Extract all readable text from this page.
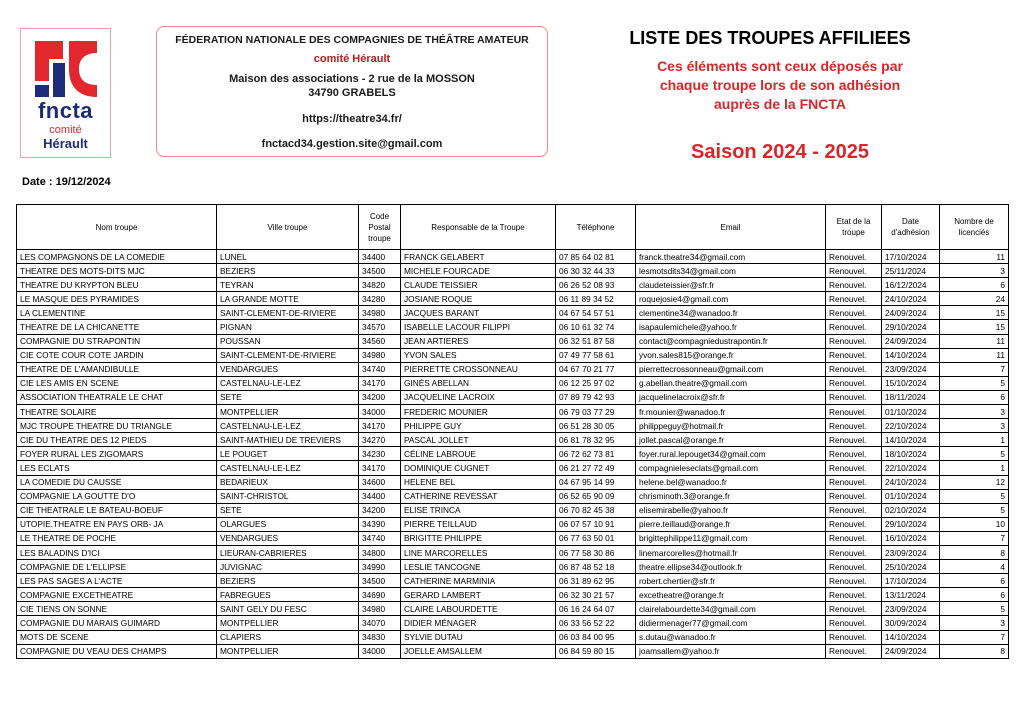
fncta
comité
Hérault
FÉDERATION NATIONALE DES COMPAGNIES DE THÉÂTRE AMATEUR
comité Hérault
Maison des associations - 2 rue de la MOSSON
34790 GRABELS
https://theatre34.fr/
fnctacd34.gestion.site@gmail.com
LISTE DES TROUPES AFFILIEES
Ces éléments sont ceux déposés par
chaque troupe lors de son adhésion
auprès de la FNCTA
Saison 2024 - 2025
Date : 19/12/2024
Nom troupe	Ville troupe	Code Postal troupe	Responsable de la Troupe	Téléphone	Email	Etat de la troupe	Date d'adhésion	Nombre de licenciés
LES COMPAGNONS DE LA COMEDIE	LUNEL	34400	FRANCK GELABERT	07 85 64 02 81	franck.theatre34@gmail.com	Renouvel.	17/10/2024	11
THEATRE DES MOTS-DITS MJC	BEZIERS	34500	MICHELE FOURCADE	06 30 32 44 33	lesmotsdits34@gmail.com	Renouvel.	25/11/2024	3
THEATRE DU KRYPTON BLEU	TEYRAN	34820	CLAUDE TEISSIER	06 26 52 08 93	claudeteissier@sfr.fr	Renouvel.	16/12/2024	6
LE MASQUE DES PYRAMIDES	LA GRANDE MOTTE	34280	JOSIANE ROQUE	06 11 89 34 52	roquejosie4@gmail.com	Renouvel.	24/10/2024	24
LA CLEMENTINE	SAINT-CLEMENT-DE-RIVIERE	34980	JACQUES BARANT	04 67 54 57 51	clementine34@wanadoo.fr	Renouvel.	24/09/2024	15
THEATRE DE LA CHICANETTE	PIGNAN	34570	ISABELLE LACOUR FILIPPI	06 10 61 32 74	isapaulemichele@yahoo.fr	Renouvel.	29/10/2024	15
COMPAGNIE DU STRAPONTIN	POUSSAN	34560	JEAN ARTIERES	06 32 51 87 58	contact@compagniedustrapontin.fr	Renouvel.	24/09/2024	11
CIE COTE COUR COTE JARDIN	SAINT-CLEMENT-DE-RIVIERE	34980	YVON SALES	07 49 77 58 61	yvon.sales815@orange.fr	Renouvel.	14/10/2024	11
THEATRE DE L'AMANDIBULLE	VENDARGUES	34740	PIERRETTE CROSSONNEAU	04 67 70 21 77	pierrettecrossonneau@gmail.com	Renouvel.	23/09/2024	7
CIE LES AMIS EN SCENE	CASTELNAU-LE-LEZ	34170	GINÈS ABELLAN	06 12 25 97 02	g.abellan.theatre@gmail.com	Renouvel.	15/10/2024	5
ASSOCIATION THEATRALE LE CHAT	SETE	34200	JACQUELINE LACROIX	07 89 79 42 93	jacquelinelacroix@sfr.fr	Renouvel.	18/11/2024	6
THEATRE SOLAIRE	MONTPELLIER	34000	FREDERIC MOUNIER	06 79 03 77 29	fr.mounier@wanadoo.fr	Renouvel.	01/10/2024	3
MJC TROUPE THEATRE DU TRIANGLE	CASTELNAU-LE-LEZ	34170	PHILIPPE GUY	06 51 28 30 05	philippeguy@hotmail.fr	Renouvel.	22/10/2024	3
CIE DU THEATRE DES 12 PIEDS	SAINT-MATHIEU DE TREVIERS	34270	PASCAL JOLLET	06 81 78 32 95	jollet.pascal@orange.fr	Renouvel.	14/10/2024	1
FOYER RURAL LES ZIGOMARS	LE POUGET	34230	CÉLINE LABROUE	06 72 62 73 81	foyer.rural.lepouget34@gmail.com	Renouvel.	18/10/2024	5
LES ECLATS	CASTELNAU-LE-LEZ	34170	DOMINIQUE CUGNET	06 21 27 72 49	compagnieleseclats@gmail.com	Renouvel.	22/10/2024	1
LA COMEDIE DU CAUSSE	BEDARIEUX	34600	HELENE BEL	04 67 95 14 99	helene.bel@wanadoo.fr	Renouvel.	24/10/2024	12
COMPAGNIE LA GOUTTE D'O	SAINT-CHRISTOL	34400	CATHERINE REVESSAT	06 52 65 90 09	chrisminoth.3@orange.fr	Renouvel.	01/10/2024	5
CIE THEATRALE LE BATEAU-BOEUF	SETE	34200	ELISE TRINCA	06 70 82 45 38	elisemirabelle@yahoo.fr	Renouvel.	02/10/2024	5
UTOPIE.THEATRE EN PAYS ORB- JA	OLARGUES	34390	PIERRE TEILLAUD	06 07 57 10 91	pierre.teillaud@orange.fr	Renouvel.	29/10/2024	10
LE THEATRE DE POCHE	VENDARGUES	34740	BRIGITTE PHILIPPE	06 77 63 50 01	brigittephilippe11@gmail.com	Renouvel.	16/10/2024	7
LES BALADINS D'ICI	LIEURAN-CABRIERES	34800	LINE MARCORELLES	06 77 58 30 86	linemarcorelles@hotmail.fr	Renouvel.	23/09/2024	8
COMPAGNIE DE L'ELLIPSE	JUVIGNAC	34990	LESLIE TANCOGNE	06 87 48 52 18	theatre.ellipse34@outlook.fr	Renouvel.	25/10/2024	4
LES PAS SAGES A L'ACTE	BEZIERS	34500	CATHERINE MARMINIA	06 31 89 62 95	robert.chertier@sfr.fr	Renouvel.	17/10/2024	6
COMPAGNIE EXCETHEATRE	FABREGUES	34690	GERARD LAMBERT	06 32 30 21 57	excetheatre@orange.fr	Renouvel.	13/11/2024	6
CIE TIENS ON SONNE	SAINT GELY DU FESC	34980	CLAIRE LABOURDETTE	06 16 24 64 07	clairelabourdette34@gmail.com	Renouvel.	23/09/2024	5
COMPAGNIE DU MARAIS GUIMARD	MONTPELLIER	34070	DIDIER MÉNAGER	06 33 56 52 22	didiermenager77@gmail.com	Renouvel.	30/09/2024	3
MOTS DE SCENE	CLAPIERS	34830	SYLVIE DUTAU	06 03 84 00 95	s.dutau@wanadoo.fr	Renouvel.	14/10/2024	7
COMPAGNIE DU VEAU DES CHAMPS	MONTPELLIER	34000	JOELLE AMSALLEM	06 84 59 80 15	joamsallem@yahoo.fr	Renouvel.	24/09/2024	8
